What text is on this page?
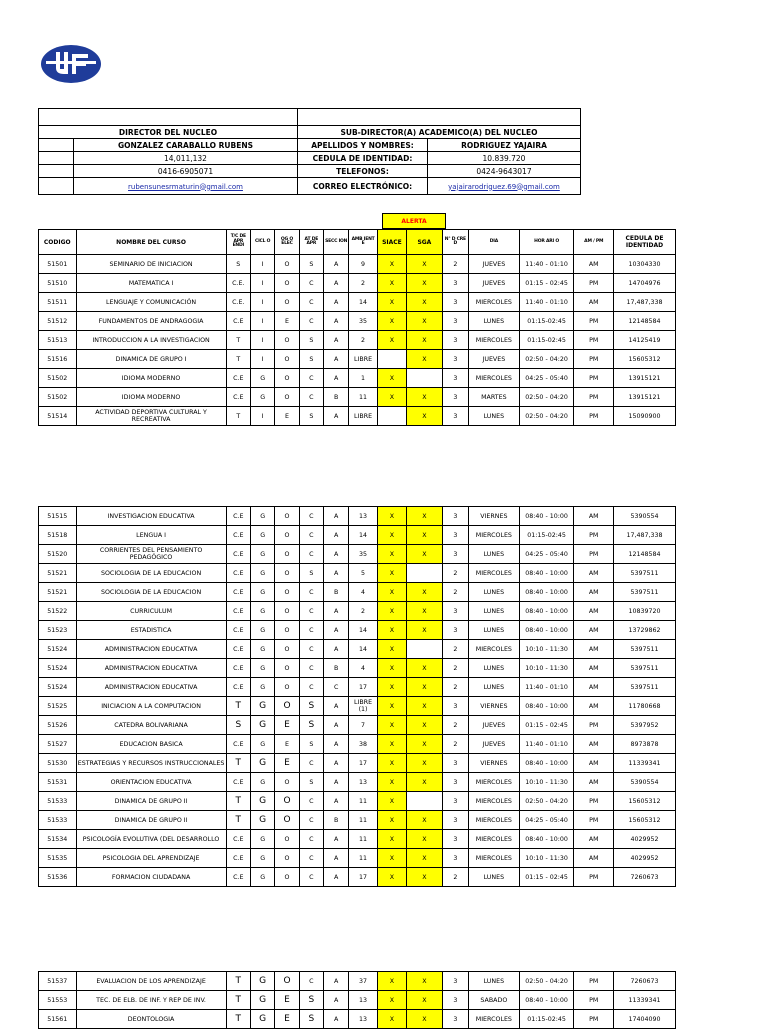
DIRECTOR DEL NUCLEO		SUB-DIRECTOR(A) ACADEMICO(A) DEL NUCLEO	
	GONZALEZ CARABALLO RUBENS	APELLIDOS Y NOMBRES:	RODRIGUEZ YAJAIRA
	14,011,132	CEDULA DE IDENTIDAD:	10.839.720
	0416-6905071	TELEFONOS:	0424-9643017
	rubensunesrmaturin@gmail.com	CORREO ELECTRÓNICO:	yajairarodriguez.69@gmail.com
ALERTA
CODIGO	NOMBRE DEL CURSO	T/C DE APR ENDI	CICL O	OG O ELEC	AT DE APR	SECC ION	AMB IENT E	SIACE	SGA	N° D CRE D	DIA	HOR ARI O	AM / PM	CEDULA DE IDENTIDAD
51501	SEMINARIO DE INICIACION	S	I	O	S	A	9	X	X	2	JUEVES	11:40 - 01:10	AM	10304330
51510	MATEMATICA I	C.E.	I	O	C	A	2	X	X	3	JUEVES	01:15 - 02:45	PM	14704976
51511	LENGUAJE Y COMUNICACIÓN	C.E.	I	O	C	A	14	X	X	3	MIERCOLES	11:40 - 01:10	AM	17,487,338
51512	FUNDAMENTOS DE ANDRAGOGIA	C.E	I	E	C	A	35	X	X	3	LUNES	01:15-02:45	PM	12148584
51513	INTRODUCCION A LA INVESTIGACION	T	I	O	S	A	2	X	X	3	MIERCOLES	01:15-02:45	PM	14125419
51516	DINAMICA DE GRUPO I	T	I	O	S	A	LIBRE		X	3	JUEVES	02:50 - 04:20	PM	15605312
51502	IDIOMA MODERNO	C.E	G	O	C	A	1	X		3	MIERCOLES	04:25 - 05:40	PM	13915121
51502	IDIOMA MODERNO	C.E	G	O	C	B	11	X	X	3	MARTES	02:50 - 04:20	PM	13915121
51514	ACTIVIDAD DEPORTIVA CULTURAL Y RECREATIVA	T	I	E	S	A	LIBRE		X	3	LUNES	02:50 - 04:20	PM	15090900
51515	INVESTIGACION EDUCATIVA	C.E	G	O	C	A	13	X	X	3	VIERNES	08:40 - 10:00	AM	5390554
51518	LENGUA I	C.E	G	O	C	A	14	X	X	3	MIERCOLES	01:15-02:45	PM	17,487,338
51520	CORRIENTES DEL PENSAMIENTO PEDAGÓGICO	C.E	G	O	C	A	35	X	X	3	LUNES	04:25 - 05:40	PM	12148584
51521	SOCIOLOGIA DE LA EDUCACION	C.E	G	O	S	A	5	X		2	MIERCOLES	08:40 - 10:00	AM	5397511
51521	SOCIOLOGIA DE LA EDUCACION	C.E	G	O	C	B	4	X	X	2	LUNES	08:40 - 10:00	AM	5397511
51522	CURRICULUM	C.E	G	O	C	A	2	X	X	3	LUNES	08:40 - 10:00	AM	10839720
51523	ESTADISTICA	C.E	G	O	C	A	14	X	X	3	LUNES	08:40 - 10:00	AM	13729862
51524	ADMINISTRACION EDUCATIVA	C.E	G	O	C	A	14	X		2	MIERCOLES	10:10 - 11:30	AM	5397511
51524	ADMINISTRACION EDUCATIVA	C.E	G	O	C	B	4	X	X	2	LUNES	10:10 - 11:30	AM	5397511
51524	ADMINISTRACION EDUCATIVA	C.E	G	O	C	C	17	X	X	2	LUNES	11:40 - 01:10	AM	5397511
51525	INICIACION A LA COMPUTACION	T	G	O	S	A	LIBRE (1)	X	X	3	VIERNES	08:40 - 10:00	AM	11780668
51526	CATEDRA BOLIVARIANA	S	G	E	S	A	7	X	X	2	JUEVES	01:15 - 02:45	PM	5397952
51527	EDUCACION BASICA	C.E	G	E	S	A	38	X	X	2	JUEVES	11:40 - 01:10	AM	8973878
51530	ESTRATEGIAS Y RECURSOS INSTRUCCIONALES	T	G	E	C	A	17	X	X	3	VIERNES	08:40 - 10:00	AM	11339341
51531	ORIENTACION EDUCATIVA	C.E	G	O	S	A	13	X	X	3	MIERCOLES	10:10 - 11:30	AM	5390554
51533	DINAMICA DE GRUPO II	T	G	O	C	A	11	X		3	MIERCOLES	02:50 - 04:20	PM	15605312
51533	DINAMICA DE GRUPO II	T	G	O	C	B	11	X	X	3	MIERCOLES	04:25 - 05:40	PM	15605312
51534	PSICOLOGÍA EVOLUTIVA (DEL DESARROLLO	C.E	G	O	C	A	11	X	X	3	MIERCOLES	08:40 - 10:00	AM	4029952
51535	PSICOLOGIA DEL APRENDIZAJE	C.E	G	O	C	A	11	X	X	3	MIERCOLES	10:10 - 11:30	AM	4029952
51536	FORMACION CIUDADANA	C.E	G	O	C	A	17	X	X	2	LUNES	01:15 - 02:45	PM	7260673
51537	EVALUACION DE LOS APRENDIZAJE	T	G	O	C	A	37	X	X	3	LUNES	02:50 - 04:20	PM	7260673
51553	TEC. DE ELB. DE INF. Y REP DE INV.	T	G	E	S	A	13	X	X	3	SABADO	08:40 - 10:00	PM	11339341
51561	DEONTOLOGIA	T	G	E	S	A	13	X	X	3	MIERCOLES	01:15-02:45	PM	17404090
